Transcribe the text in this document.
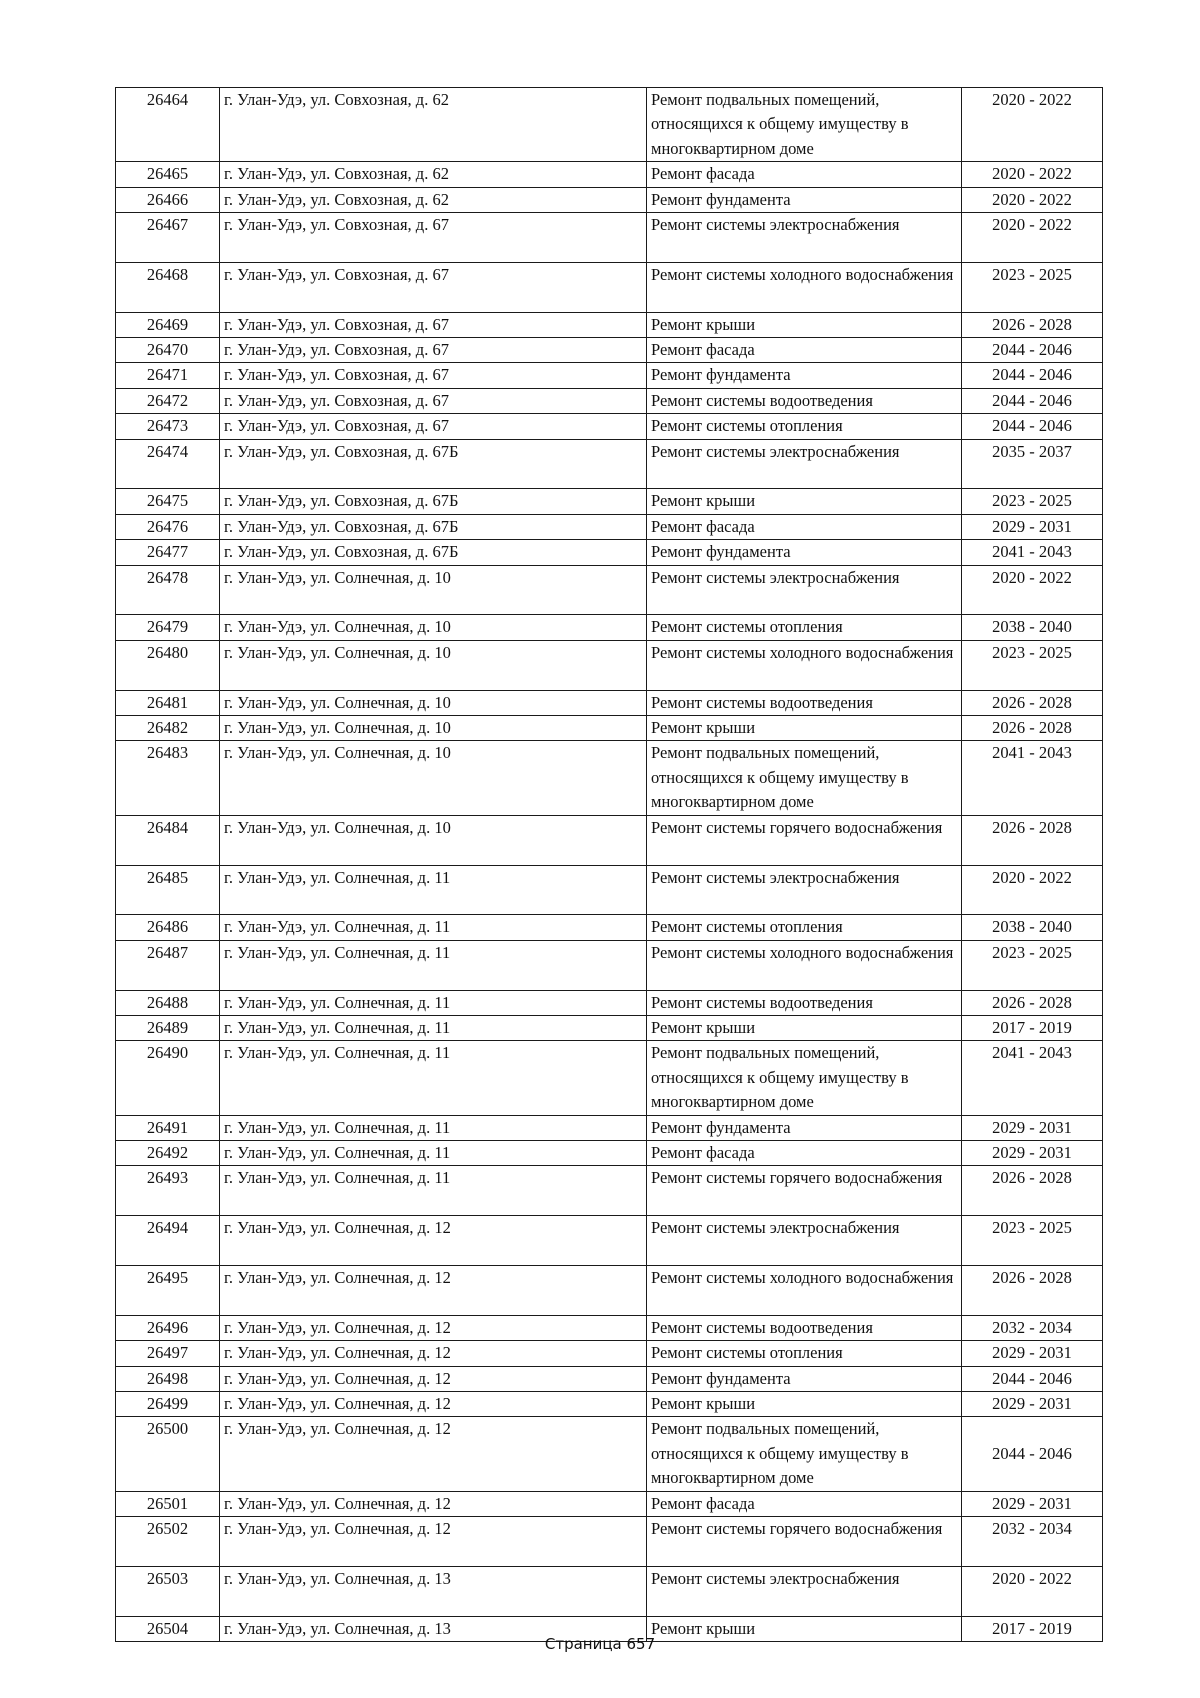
26464	г. Улан-Удэ, ул. Совхозная, д. 62	Ремонт подвальных помещений, относящихся к общему имуществу в многоквартирном доме	2020 - 2022
26465	г. Улан-Удэ, ул. Совхозная, д. 62	Ремонт фасада	2020 - 2022
26466	г. Улан-Удэ, ул. Совхозная, д. 62	Ремонт фундамента	2020 - 2022
26467	г. Улан-Удэ, ул. Совхозная, д. 67	Ремонт системы электроснабжения	2020 - 2022
26468	г. Улан-Удэ, ул. Совхозная, д. 67	Ремонт системы холодного водоснабжения	2023 - 2025
26469	г. Улан-Удэ, ул. Совхозная, д. 67	Ремонт крыши	2026 - 2028
26470	г. Улан-Удэ, ул. Совхозная, д. 67	Ремонт фасада	2044 - 2046
26471	г. Улан-Удэ, ул. Совхозная, д. 67	Ремонт фундамента	2044 - 2046
26472	г. Улан-Удэ, ул. Совхозная, д. 67	Ремонт системы водоотведения	2044 - 2046
26473	г. Улан-Удэ, ул. Совхозная, д. 67	Ремонт системы отопления	2044 - 2046
26474	г. Улан-Удэ, ул. Совхозная, д. 67Б	Ремонт системы электроснабжения	2035 - 2037
26475	г. Улан-Удэ, ул. Совхозная, д. 67Б	Ремонт крыши	2023 - 2025
26476	г. Улан-Удэ, ул. Совхозная, д. 67Б	Ремонт фасада	2029 - 2031
26477	г. Улан-Удэ, ул. Совхозная, д. 67Б	Ремонт фундамента	2041 - 2043
26478	г. Улан-Удэ, ул. Солнечная, д. 10	Ремонт системы электроснабжения	2020 - 2022
26479	г. Улан-Удэ, ул. Солнечная, д. 10	Ремонт системы отопления	2038 - 2040
26480	г. Улан-Удэ, ул. Солнечная, д. 10	Ремонт системы холодного водоснабжения	2023 - 2025
26481	г. Улан-Удэ, ул. Солнечная, д. 10	Ремонт системы водоотведения	2026 - 2028
26482	г. Улан-Удэ, ул. Солнечная, д. 10	Ремонт крыши	2026 - 2028
26483	г. Улан-Удэ, ул. Солнечная, д. 10	Ремонт подвальных помещений, относящихся к общему имуществу в многоквартирном доме	2041 - 2043
26484	г. Улан-Удэ, ул. Солнечная, д. 10	Ремонт системы горячего водоснабжения	2026 - 2028
26485	г. Улан-Удэ, ул. Солнечная, д. 11	Ремонт системы электроснабжения	2020 - 2022
26486	г. Улан-Удэ, ул. Солнечная, д. 11	Ремонт системы отопления	2038 - 2040
26487	г. Улан-Удэ, ул. Солнечная, д. 11	Ремонт системы холодного водоснабжения	2023 - 2025
26488	г. Улан-Удэ, ул. Солнечная, д. 11	Ремонт системы водоотведения	2026 - 2028
26489	г. Улан-Удэ, ул. Солнечная, д. 11	Ремонт крыши	2017 - 2019
26490	г. Улан-Удэ, ул. Солнечная, д. 11	Ремонт подвальных помещений, относящихся к общему имуществу в многоквартирном доме	2041 - 2043
26491	г. Улан-Удэ, ул. Солнечная, д. 11	Ремонт фундамента	2029 - 2031
26492	г. Улан-Удэ, ул. Солнечная, д. 11	Ремонт фасада	2029 - 2031
26493	г. Улан-Удэ, ул. Солнечная, д. 11	Ремонт системы горячего водоснабжения	2026 - 2028
26494	г. Улан-Удэ, ул. Солнечная, д. 12	Ремонт системы электроснабжения	2023 - 2025
26495	г. Улан-Удэ, ул. Солнечная, д. 12	Ремонт системы холодного водоснабжения	2026 - 2028
26496	г. Улан-Удэ, ул. Солнечная, д. 12	Ремонт системы водоотведения	2032 - 2034
26497	г. Улан-Удэ, ул. Солнечная, д. 12	Ремонт системы отопления	2029 - 2031
26498	г. Улан-Удэ, ул. Солнечная, д. 12	Ремонт фундамента	2044 - 2046
26499	г. Улан-Удэ, ул. Солнечная, д. 12	Ремонт крыши	2029 - 2031
26500	г. Улан-Удэ, ул. Солнечная, д. 12	Ремонт подвальных помещений, относящихся к общему имуществу в многоквартирном доме	2044 - 2046
26501	г. Улан-Удэ, ул. Солнечная, д. 12	Ремонт фасада	2029 - 2031
26502	г. Улан-Удэ, ул. Солнечная, д. 12	Ремонт системы горячего водоснабжения	2032 - 2034
26503	г. Улан-Удэ, ул. Солнечная, д. 13	Ремонт системы электроснабжения	2020 - 2022
26504	г. Улан-Удэ, ул. Солнечная, д. 13	Ремонт крыши	2017 - 2019
Страница 657
